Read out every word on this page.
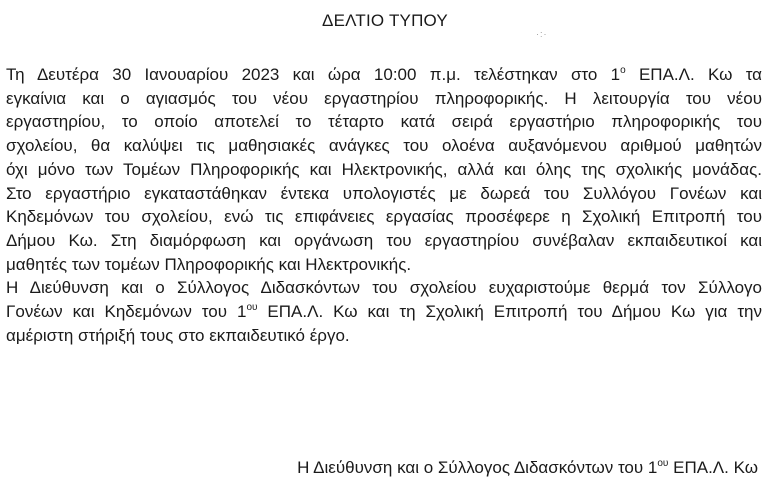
ΔΕΛΤΙΟ ΤΥΠΟΥ
·:·
Τη Δευτέρα 30 Ιανουαρίου 2023 και ώρα 10:00 π.μ. τελέστηκαν στο $1^o$ ΕΠΑ.Λ. Κω τα
εγκαίνια και ο αγιασμός του νέου εργαστηρίου πληροφορικής. Η λειτουργία του νέου
εργαστηρίου, το οποίο αποτελεί το τέταρτο κατά σειρά εργαστήριο πληροφορικής του
σχολείου, θα καλύψει τις μαθησιακές ανάγκες του ολοένα αυξανόμενου αριθμού μαθητών
όχι μόνο των Τομέων Πληροφορικής και Ηλεκτρονικής, αλλά και όλης της σχολικής μονάδας.
Στο εργαστήριο εγκαταστάθηκαν έντεκα υπολογιστές με δωρεά του Συλλόγου Γονέων και
Κηδεμόνων του σχολείου, ενώ τις επιφάνειες εργασίας προσέφερε η Σχολική Επιτροπή του
Δήμου Κω. Στη διαμόρφωση και οργάνωση του εργαστηρίου συνέβαλαν εκπαιδευτικοί και
μαθητές των τομέων Πληροφορικής και Ηλεκτρονικής.
Η Διεύθυνση και ο Σύλλογος Διδασκόντων του σχολείου ευχαριστούμε θερμά τον Σύλλογο
Γονέων και Κηδεμόνων του $1^{o\upsilon}$ ΕΠΑ.Λ. Κω και τη Σχολική Επιτροπή του Δήμου Κω για την
αμέριστη στήριξή τους στο εκπαιδευτικό έργο.
Η Διεύθυνση και ο Σύλλογος Διδασκόντων του $1^{o\upsilon}$ ΕΠΑ.Λ. Κω
